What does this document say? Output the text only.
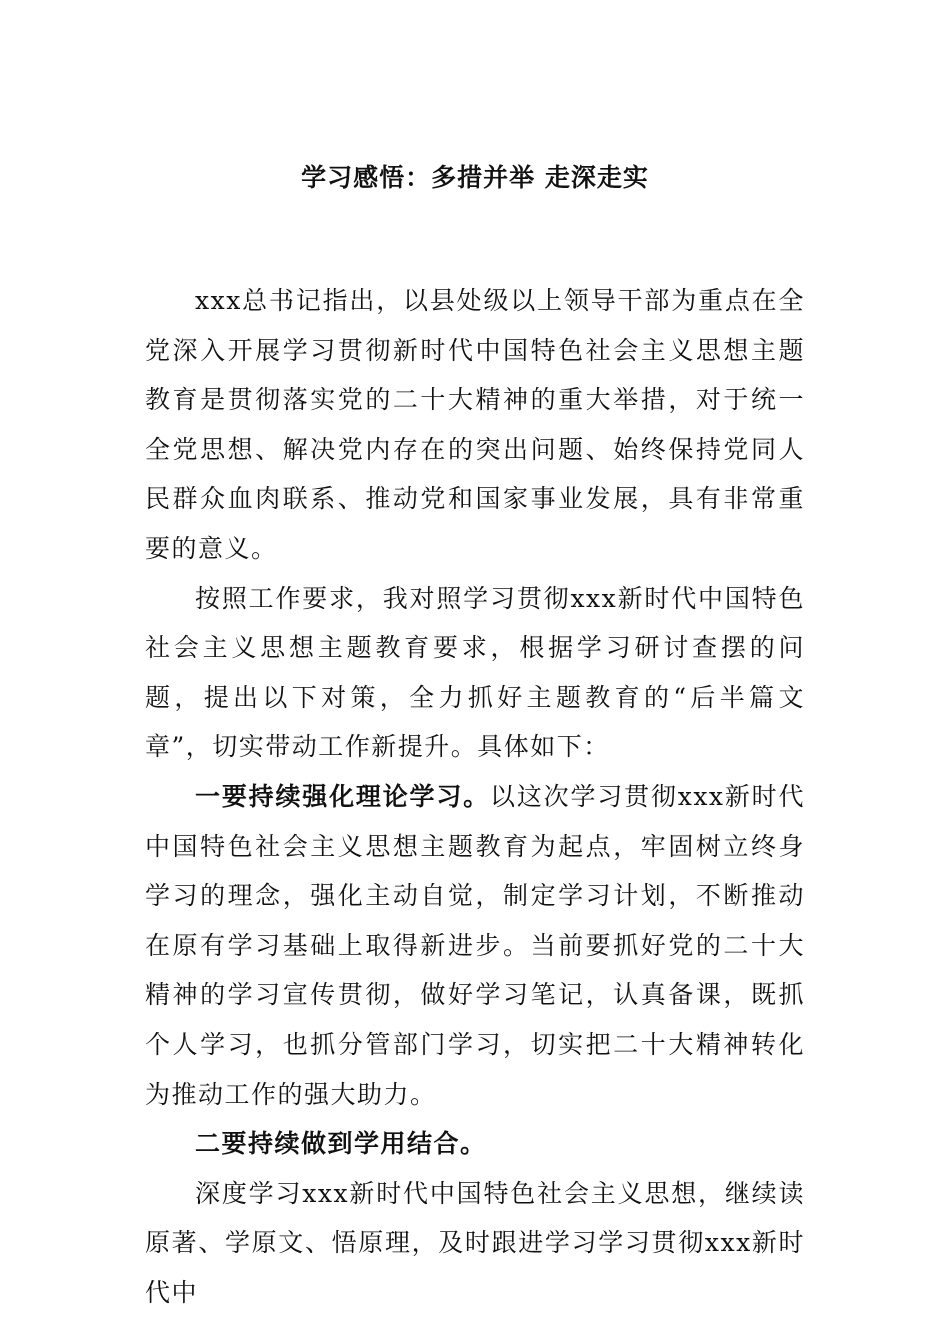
学习感悟：多措并举 走深走实

xxx总书记指出，以县处级以上领导干部为重点在全党深入开展学习贯彻新时代中国特色社会主义思想主题教育是贯彻落实党的二十大精神的重大举措，对于统一全党思想、解决党内存在的突出问题、始终保持党同人民群众血肉联系、推动党和国家事业发展，具有非常重要的意义。

按照工作要求，我对照学习贯彻xxx新时代中国特色社会主义思想主题教育要求，根据学习研讨查摆的问题，提出以下对策，全力抓好主题教育的“后半篇文章”，切实带动工作新提升。具体如下：

一要持续强化理论学习。以这次学习贯彻xxx新时代中国特色社会主义思想主题教育为起点，牢固树立终身学习的理念，强化主动自觉，制定学习计划，不断推动在原有学习基础上取得新进步。当前要抓好党的二十大精神的学习宣传贯彻，做好学习笔记，认真备课，既抓个人学习，也抓分管部门学习，切实把二十大精神转化为推动工作的强大助力。

二要持续做到学用结合。

深度学习xxx新时代中国特色社会主义思想，继续读原著、学原文、悟原理，及时跟进学习学习贯彻xxx新时代中
